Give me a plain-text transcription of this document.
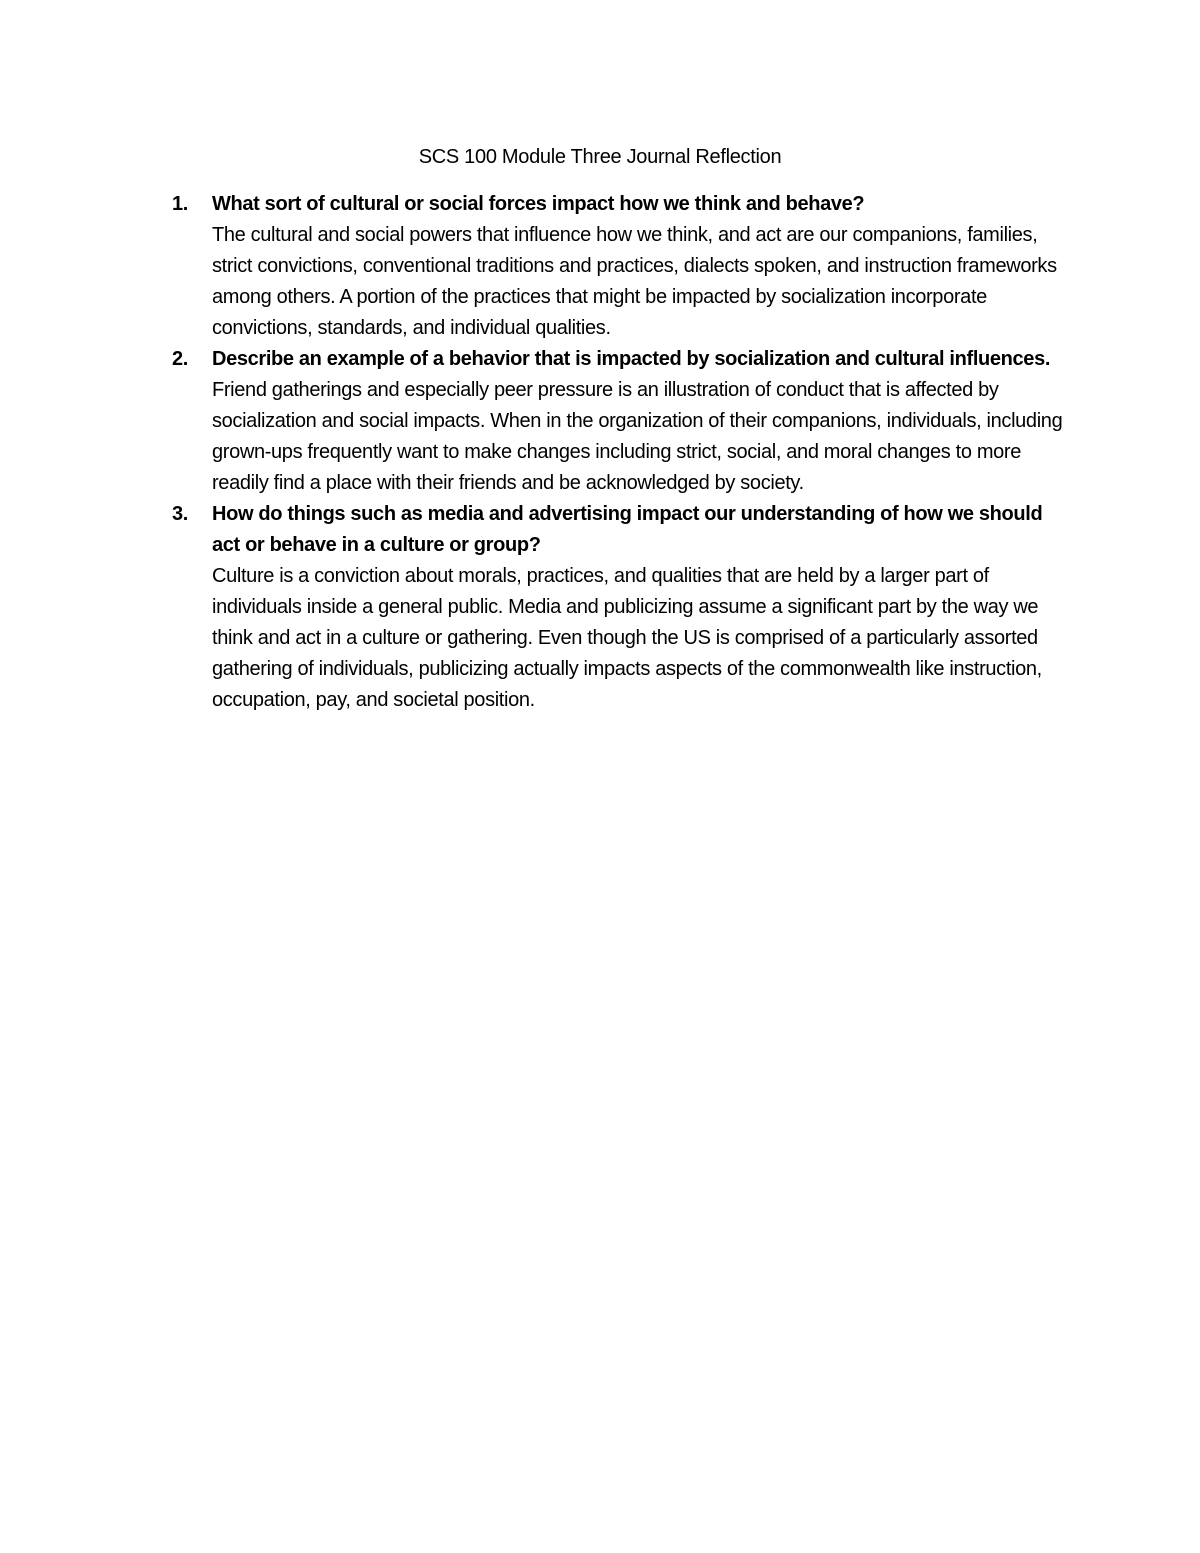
SCS 100 Module Three Journal Reflection
1. What sort of cultural or social forces impact how we think and behave?
The cultural and social powers that influence how we think, and act are our companions, families, strict convictions, conventional traditions and practices, dialects spoken, and instruction frameworks among others. A portion of the practices that might be impacted by socialization incorporate convictions, standards, and individual qualities.
2. Describe an example of a behavior that is impacted by socialization and cultural influences.
Friend gatherings and especially peer pressure is an illustration of conduct that is affected by socialization and social impacts. When in the organization of their companions, individuals, including grown-ups frequently want to make changes including strict, social, and moral changes to more readily find a place with their friends and be acknowledged by society.
3. How do things such as media and advertising impact our understanding of how we should act or behave in a culture or group?
Culture is a conviction about morals, practices, and qualities that are held by a larger part of individuals inside a general public. Media and publicizing assume a significant part by the way we think and act in a culture or gathering. Even though the US is comprised of a particularly assorted gathering of individuals, publicizing actually impacts aspects of the commonwealth like instruction, occupation, pay, and societal position.
